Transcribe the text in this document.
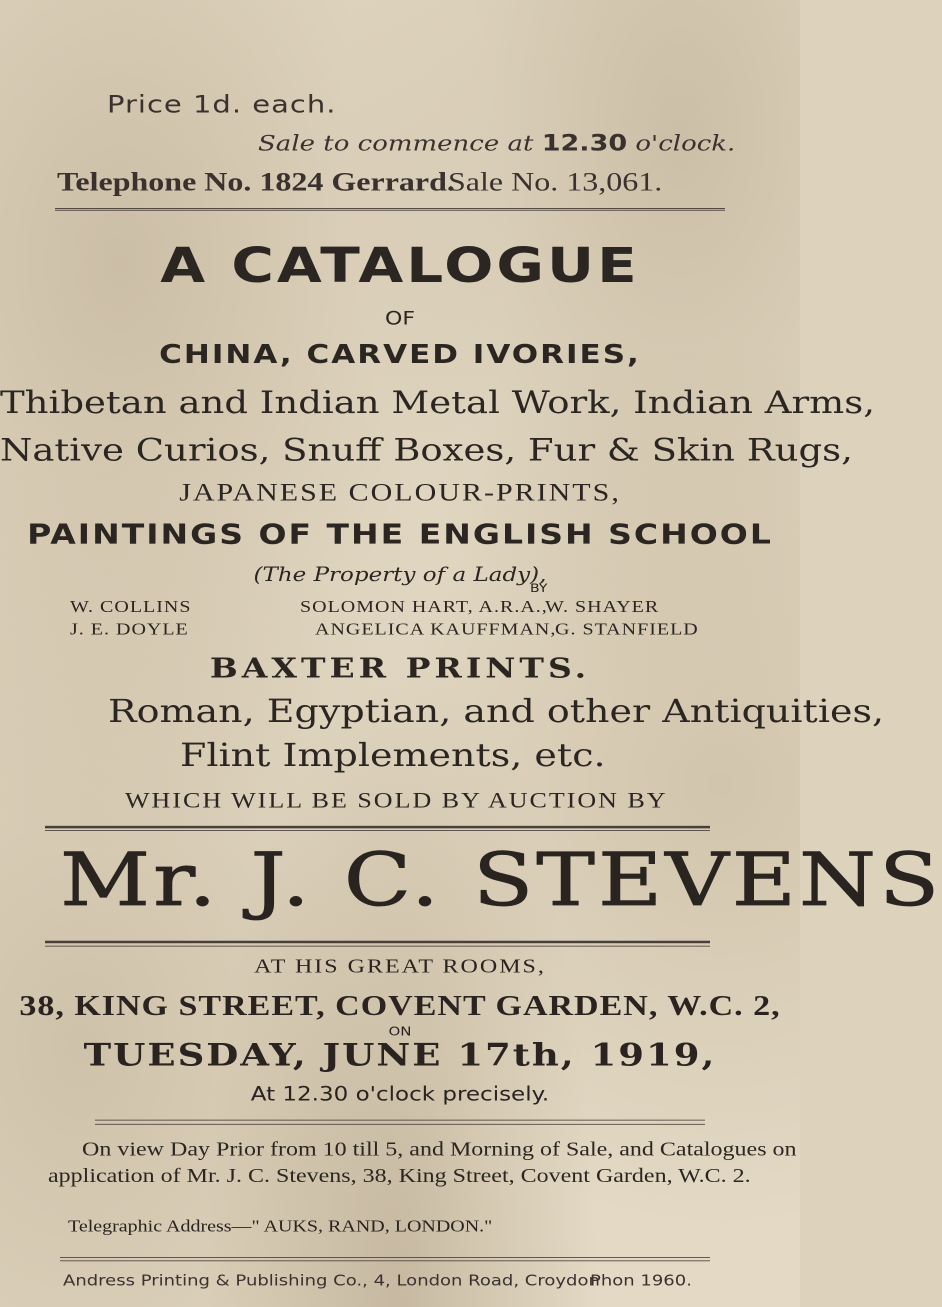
Price 1d. each.
Sale to commence at 12.30 o'clock.
Telephone No. 1824 Gerrard.
Sale No. 13,061.
A CATALOGUE
OF
CHINA, CARVED IVORIES,
Thibetan and Indian Metal Work, Indian Arms,
Native Curios, Snuff Boxes, Fur & Skin Rugs,
JAPANESE COLOUR-PRINTS,
PAINTINGS OF THE ENGLISH SCHOOL
(The Property of a Lady),
BY
W. COLLINS	SOLOMON HART, A.R.A.,
W. SHAYER
J. E. DOYLE	ANGELICA KAUFFMAN,
G. STANFIELD
BAXTER PRINTS.
Roman, Egyptian, and other Antiquities,
Flint Implements, etc.
WHICH WILL BE SOLD BY AUCTION BY
Mr. J. C. STEVENS
AT HIS GREAT ROOMS,
38, KING STREET, COVENT GARDEN, W.C. 2,
ON
TUESDAY, JUNE 17th, 1919,
At 12.30 o'clock precisely.
On view Day Prior from 10 till 5, and Morning of Sale, and Catalogues on
application of Mr. J. C. Stevens, 38, King Street, Covent Garden, W.C. 2.
Telegraphic Address—" AUKS, RAND, LONDON."
Andress Printing & Publishing Co., 4, London Road, Croydon
Phon 1960.
